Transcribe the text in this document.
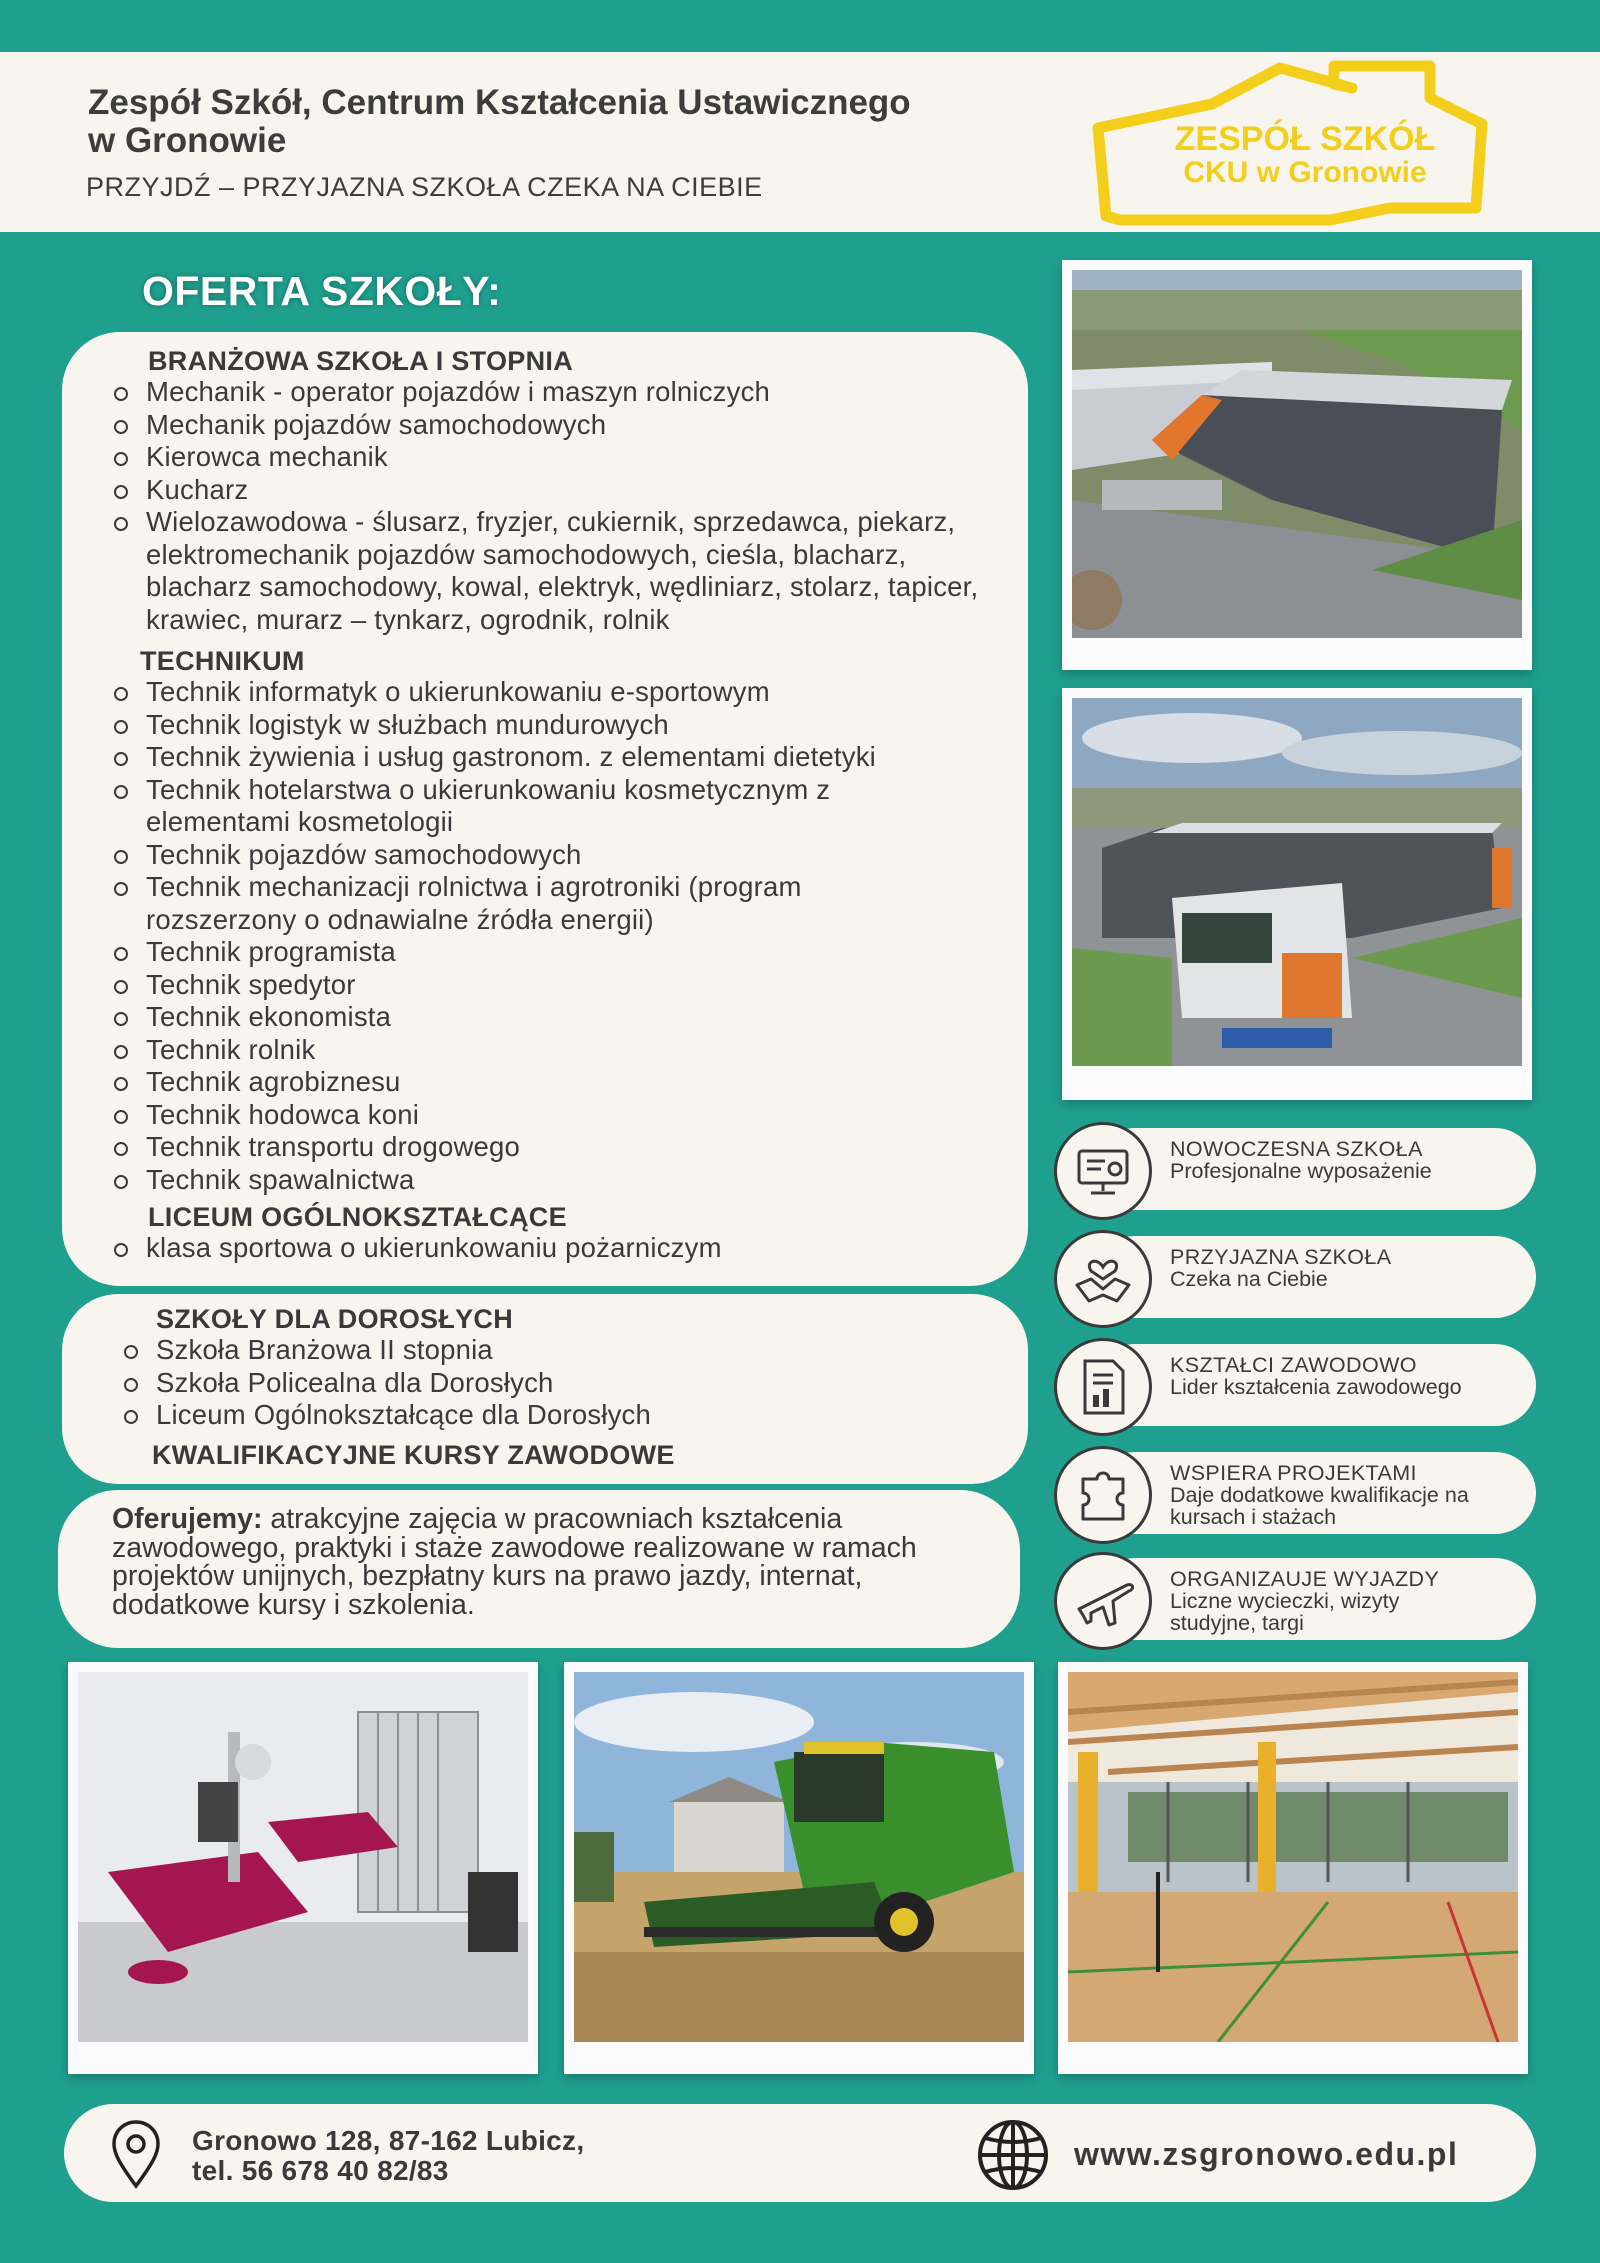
Zespół Szkół, Centrum Kształcenia Ustawicznego
w Gronowie
PRZYJDŹ – PRZYJAZNA SZKOŁA CZEKA NA CIEBIE
ZESPÓŁ SZKÓŁ
CKU w Gronowie
OFERTA SZKOŁY:
BRANŻOWA SZKOŁA I STOPNIA
Mechanik - operator pojazdów i maszyn rolniczych
Mechanik pojazdów samochodowych
Kierowca mechanik
Kucharz
Wielozawodowa - ślusarz, fryzjer, cukiernik, sprzedawca, piekarz, elektromechanik pojazdów samochodowych, cieśla, blacharz, blacharz samochodowy, kowal, elektryk, wędliniarz, stolarz, tapicer, krawiec, murarz – tynkarz, ogrodnik, rolnik
TECHNIKUM
Technik informatyk o ukierunkowaniu e-sportowym
Technik logistyk w służbach mundurowych
Technik żywienia i usług gastronom. z elementami dietetyki
Technik hotelarstwa o ukierunkowaniu kosmetycznym z elementami kosmetologii
Technik pojazdów samochodowych
Technik mechanizacji rolnictwa i agrotroniki (program rozszerzony o odnawialne źródła energii)
Technik programista
Technik spedytor
Technik ekonomista
Technik rolnik
Technik agrobiznesu
Technik hodowca koni
Technik transportu drogowego
Technik spawalnictwa
LICEUM OGÓLNOKSZTAŁCĄCE
klasa sportowa o ukierunkowaniu pożarniczym
SZKOŁY DLA DOROSŁYCH
Szkoła Branżowa II stopnia
Szkoła Policealna dla Dorosłych
Liceum Ogólnokształcące dla Dorosłych
KWALIFIKACYJNE KURSY ZAWODOWE
Oferujemy: atrakcyjne zajęcia w pracowniach kształcenia zawodowego, praktyki i staże zawodowe realizowane w ramach projektów unijnych, bezpłatny kurs na prawo jazdy, internat, dodatkowe kursy i szkolenia.
NOWOCZESNA SZKOŁA
Profesjonalne wyposażenie
PRZYJAZNA SZKOŁA
Czeka na Ciebie
KSZTAŁCI ZAWODOWO
Lider kształcenia zawodowego
WSPIERA PROJEKTAMI
Daje dodatkowe kwalifikacje na kursach i stażach
ORGANIZAUJE WYJAZDY
Liczne wycieczki, wizyty studyjne, targi
Gronowo 128, 87-162 Lubicz,
tel. 56 678 40 82/83	www.zsgronowo.edu.pl
